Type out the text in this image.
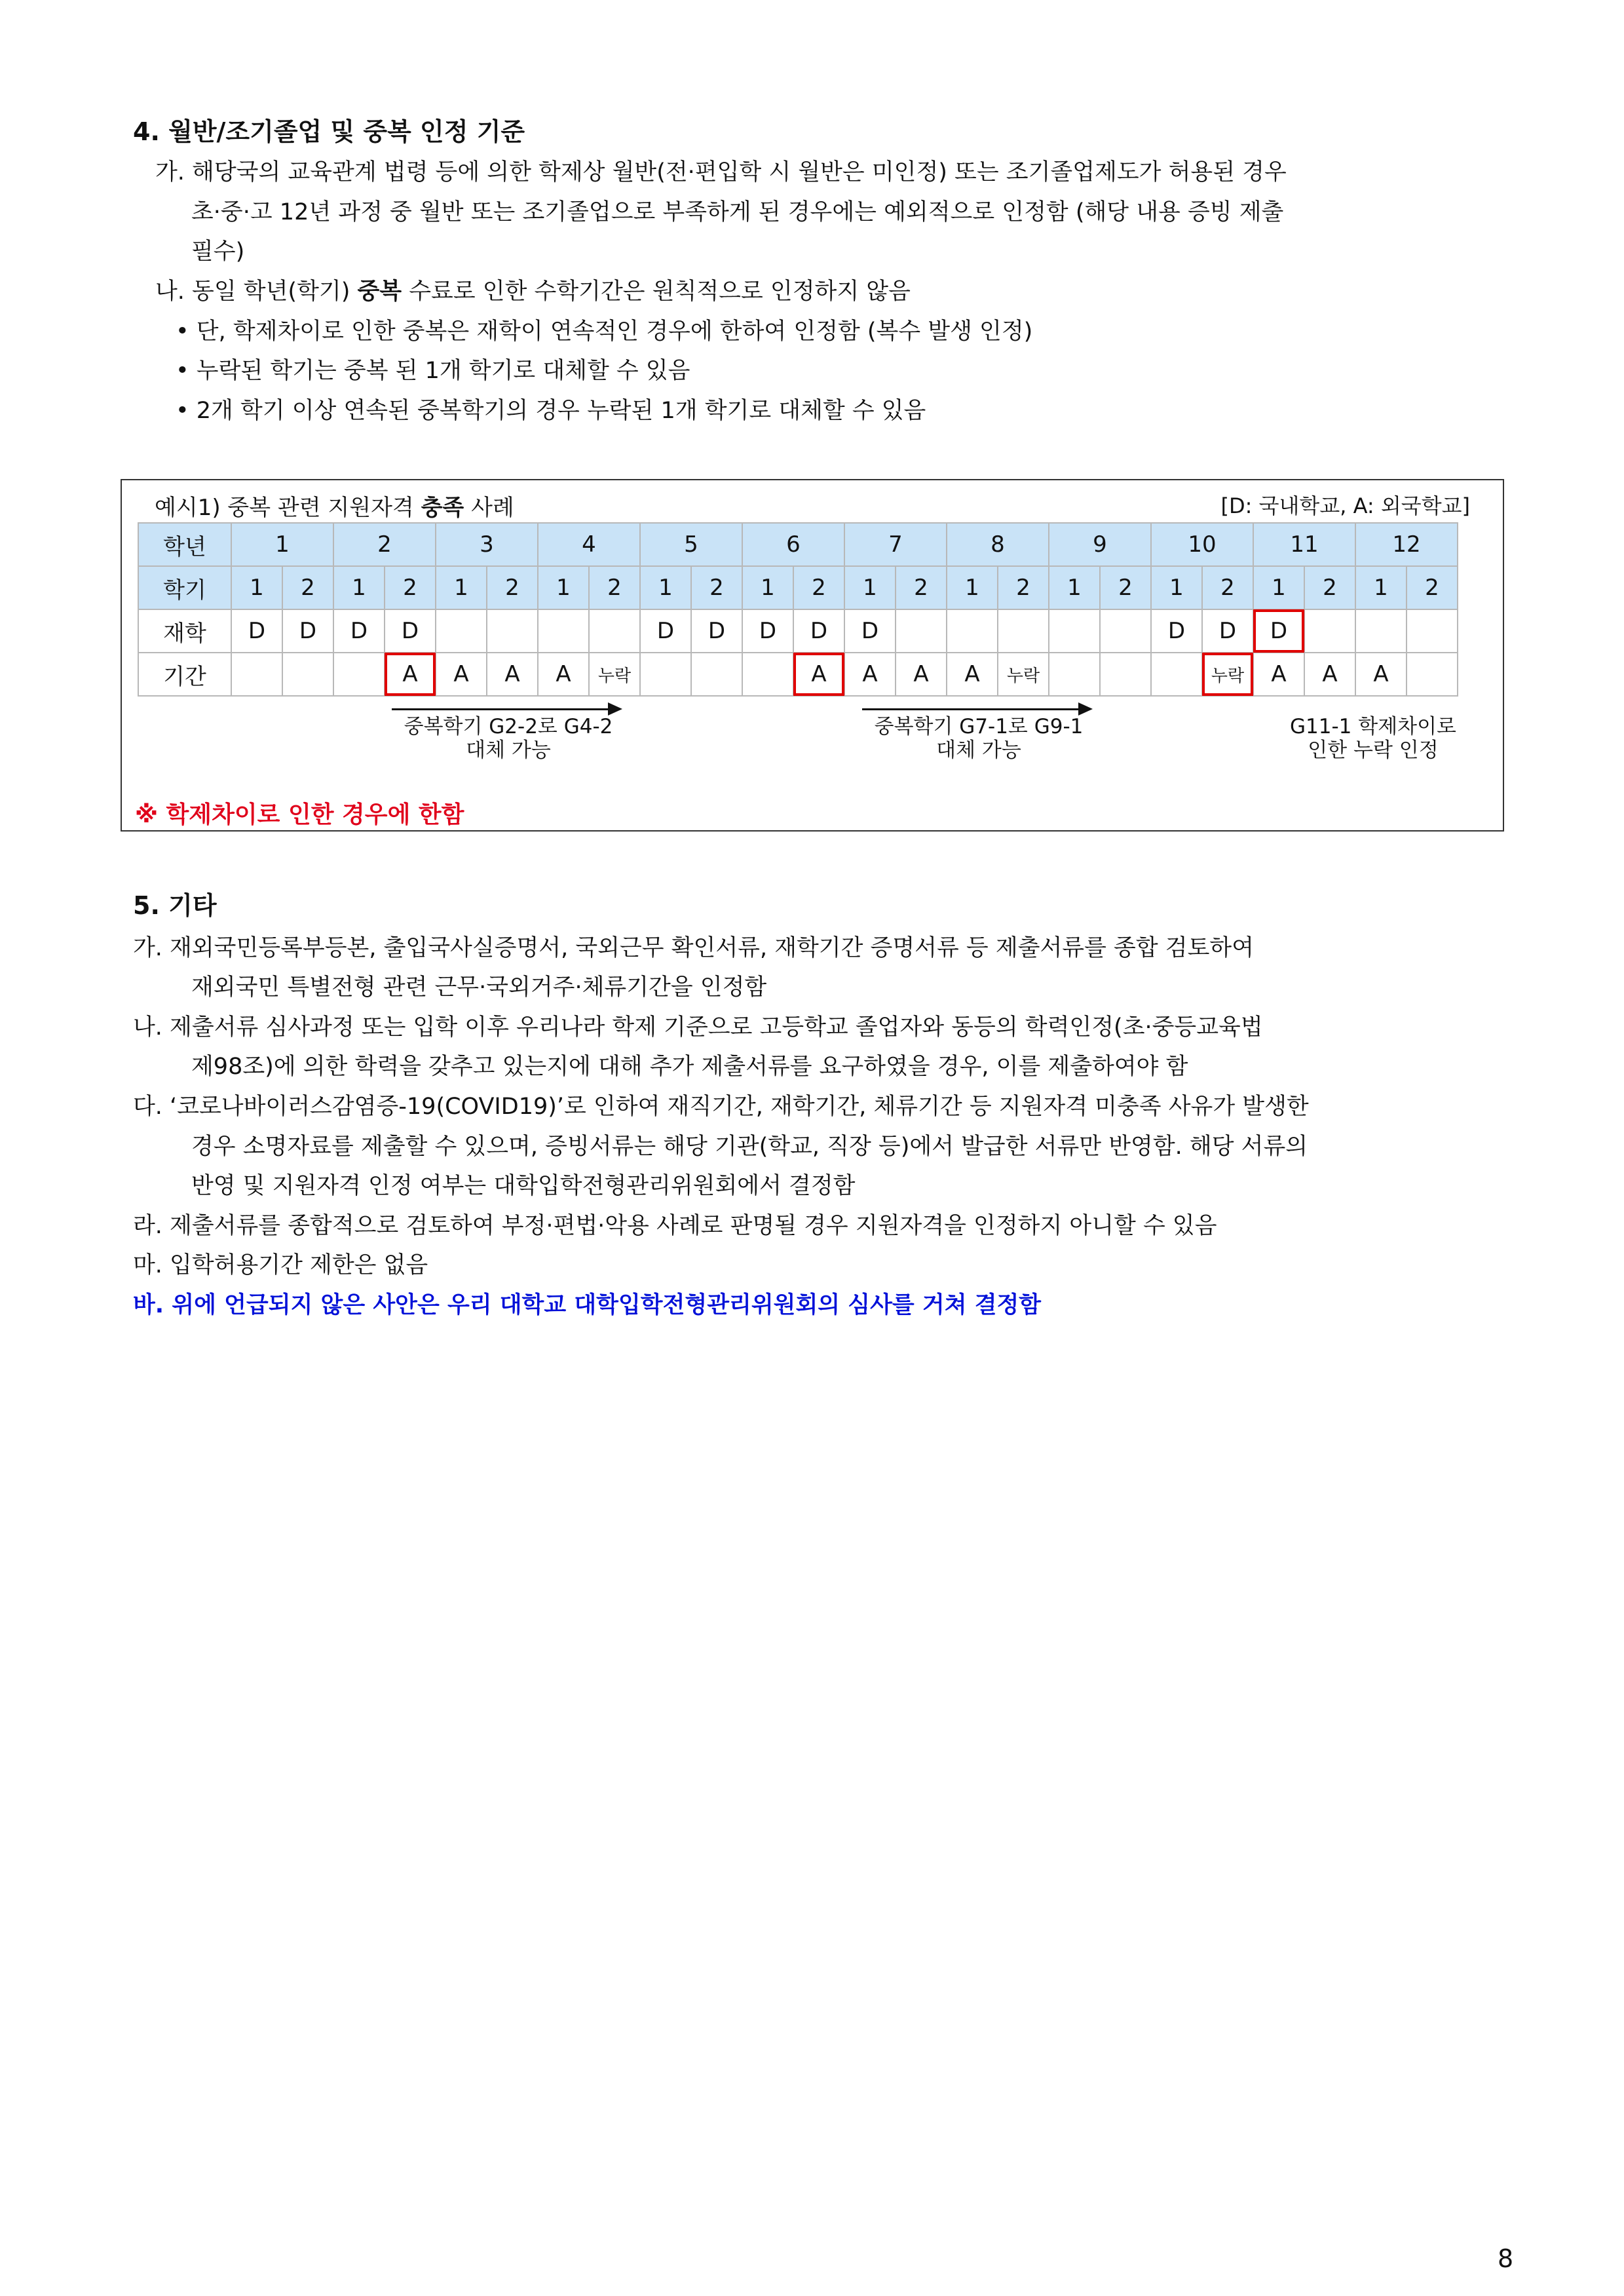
4. 월반/조기졸업 및 중복 인정 기준

가. 해당국의 교육관계 법령 등에 의한 학제상 월반(전·편입학 시 월반은 미인정) 또는 조기졸업제도가 허용된 경우

초·중·고 12년 과정 중 월반 또는 조기졸업으로 부족하게 된 경우에는 예외적으로 인정함 (해당 내용 증빙 제출

필수)

나. 동일 학년(학기) 중복 수료로 인한 수학기간은 원칙적으로 인정하지 않음

• 단, 학제차이로 인한 중복은 재학이 연속적인 경우에 한하여 인정함 (복수 발생 인정)

• 누락된 학기는 중복 된 1개 학기로 대체할 수 있음

• 2개 학기 이상 연속된 중복학기의 경우 누락된 1개 학기로 대체할 수 있음

예시1) 중복 관련 지원자격 충족 사례	[D: 국내학교, A: 외국학교]
학년	1		2		3		4		5		6		7		8		9		10		11		12	
학기	1	2	1	2	1	2	1	2	1	2	1	2	1	2	1	2	1	2	1	2	1	2	1	2
재학	D	D	D	D					D	D	D	D	D						D	D	D			
기간				A	A	A	A	누락				A	A	A	A	누락				누락	A	A	A	
중복학기 G2-2로 G4-2
대체 가능
중복학기 G7-1로 G9-1
대체 가능
G11-1 학제차이로
인한 누락 인정
※ 학제차이로 인한 경우에 한함
5. 기타

가. 재외국민등록부등본, 출입국사실증명서, 국외근무 확인서류, 재학기간 증명서류 등 제출서류를 종합 검토하여

재외국민 특별전형 관련 근무·국외거주·체류기간을 인정함

나. 제출서류 심사과정 또는 입학 이후 우리나라 학제 기준으로 고등학교 졸업자와 동등의 학력인정(초·중등교육법

제98조)에 의한 학력을 갖추고 있는지에 대해 추가 제출서류를 요구하였을 경우, 이를 제출하여야 함

다. ‘코로나바이러스감염증-19(COVID19)’로 인하여 재직기간, 재학기간, 체류기간 등 지원자격 미충족 사유가 발생한

경우 소명자료를 제출할 수 있으며, 증빙서류는 해당 기관(학교, 직장 등)에서 발급한 서류만 반영함. 해당 서류의

반영 및 지원자격 인정 여부는 대학입학전형관리위원회에서 결정함

라. 제출서류를 종합적으로 검토하여 부정·편법·악용 사례로 판명될 경우 지원자격을 인정하지 아니할 수 있음

마. 입학허용기간 제한은 없음

바. 위에 언급되지 않은 사안은 우리 대학교 대학입학전형관리위원회의 심사를 거쳐 결정함

8
